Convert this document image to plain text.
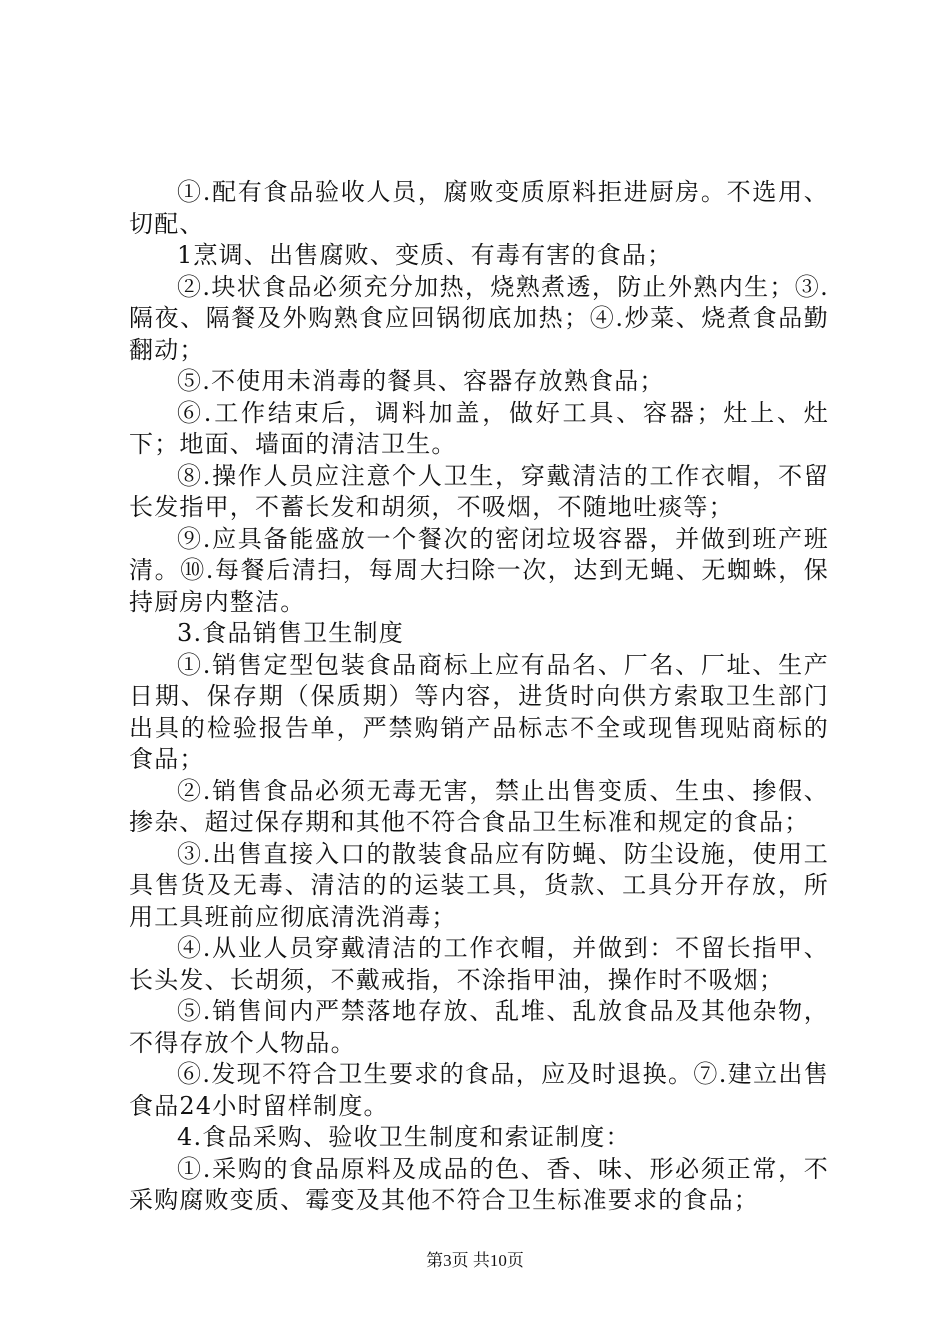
①.配有食品验收人员，腐败变质原料拒进厨房。不选用、切配、

1烹调、出售腐败、变质、有毒有害的食品；

②.块状食品必须充分加热，烧熟煮透，防止外熟内生；③.隔夜、隔餐及外购熟食应回锅彻底加热；④.炒菜、烧煮食品勤翻动；

⑤.不使用未消毒的餐具、容器存放熟食品；

⑥.工作结束后，调料加盖，做好工具、容器；灶上、灶下；地面、墙面的清洁卫生。

⑧.操作人员应注意个人卫生，穿戴清洁的工作衣帽，不留长发指甲，不蓄长发和胡须，不吸烟，不随地吐痰等；

⑨.应具备能盛放一个餐次的密闭垃圾容器，并做到班产班清。⑩.每餐后清扫，每周大扫除一次，达到无蝇、无蜘蛛，保持厨房内整洁。

3.食品销售卫生制度

①.销售定型包装食品商标上应有品名、厂名、厂址、生产日期、保存期（保质期）等内容，进货时向供方索取卫生部门出具的检验报告单，严禁购销产品标志不全或现售现贴商标的食品；

②.销售食品必须无毒无害，禁止出售变质、生虫、掺假、掺杂、超过保存期和其他不符合食品卫生标准和规定的食品；

③.出售直接入口的散装食品应有防蝇、防尘设施，使用工具售货及无毒、清洁的的运装工具，货款、工具分开存放，所用工具班前应彻底清洗消毒；

④.从业人员穿戴清洁的工作衣帽，并做到：不留长指甲、长头发、长胡须，不戴戒指，不涂指甲油，操作时不吸烟；

⑤.销售间内严禁落地存放、乱堆、乱放食品及其他杂物，不得存放个人物品。

⑥.发现不符合卫生要求的食品，应及时退换。⑦.建立出售食品24小时留样制度。

4.食品采购、验收卫生制度和索证制度：

①.采购的食品原料及成品的色、香、味、形必须正常，不采购腐败变质、霉变及其他不符合卫生标准要求的食品；

第3页 共10页
